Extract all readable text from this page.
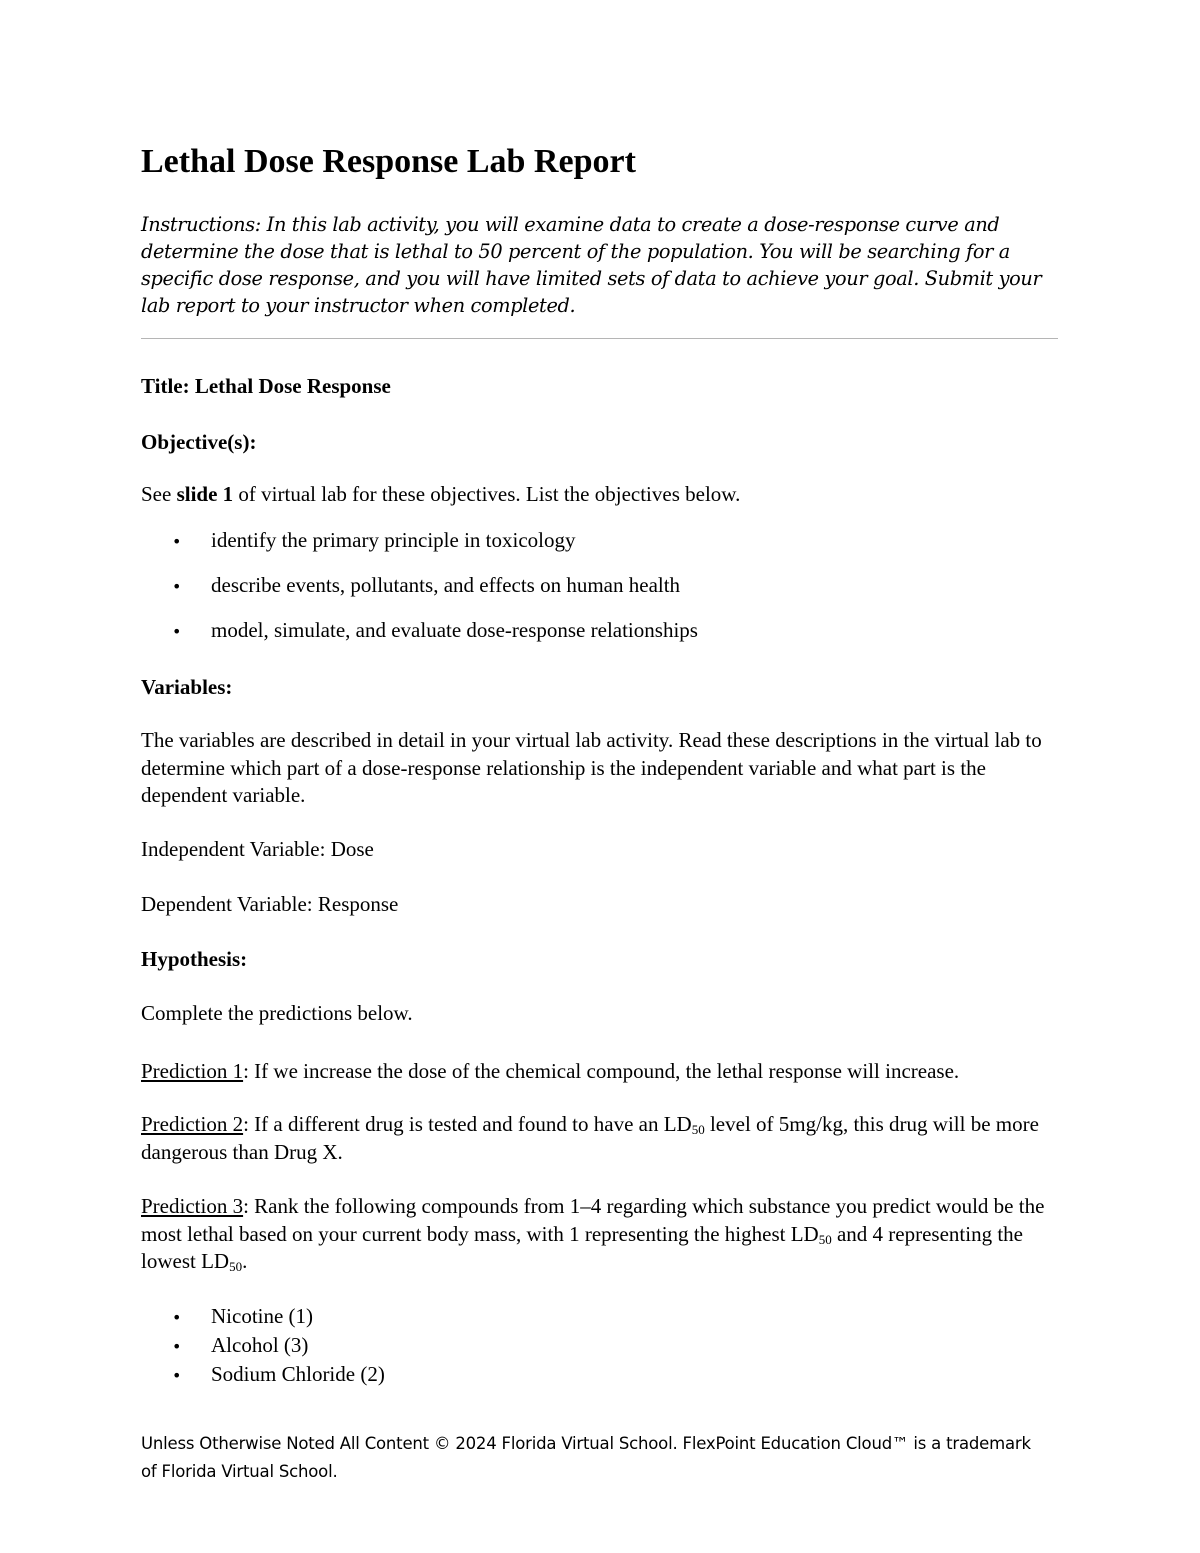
Lethal Dose Response Lab Report

Instructions: In this lab activity, you will examine data to create a dose-response curve and determine the dose that is lethal to 50 percent of the population. You will be searching for a specific dose response, and you will have limited sets of data to achieve your goal. Submit your lab report to your instructor when completed.

Title: Lethal Dose Response

Objective(s):

See slide 1 of virtual lab for these objectives. List the objectives below.

• identify the primary principle in toxicology

• describe events, pollutants, and effects on human health

• model, simulate, and evaluate dose-response relationships

Variables:

The variables are described in detail in your virtual lab activity. Read these descriptions in the virtual lab to determine which part of a dose-response relationship is the independent variable and what part is the dependent variable.

Independent Variable: Dose

Dependent Variable: Response

Hypothesis:

Complete the predictions below.

Prediction 1: If we increase the dose of the chemical compound, the lethal response will increase.

Prediction 2: If a different drug is tested and found to have an $LD_{50}$ level of 5mg/kg, this drug will be more dangerous than Drug X.

Prediction 3: Rank the following compounds from 1–4 regarding which substance you predict would be the most lethal based on your current body mass, with 1 representing the highest $LD_{50}$ and 4 representing the lowest $LD_{50}$.

• Nicotine (1)

• Alcohol (3)

• Sodium Chloride (2)

Unless Otherwise Noted All Content © 2024 Florida Virtual School. FlexPoint Education Cloud™ is a trademark of Florida Virtual School.
